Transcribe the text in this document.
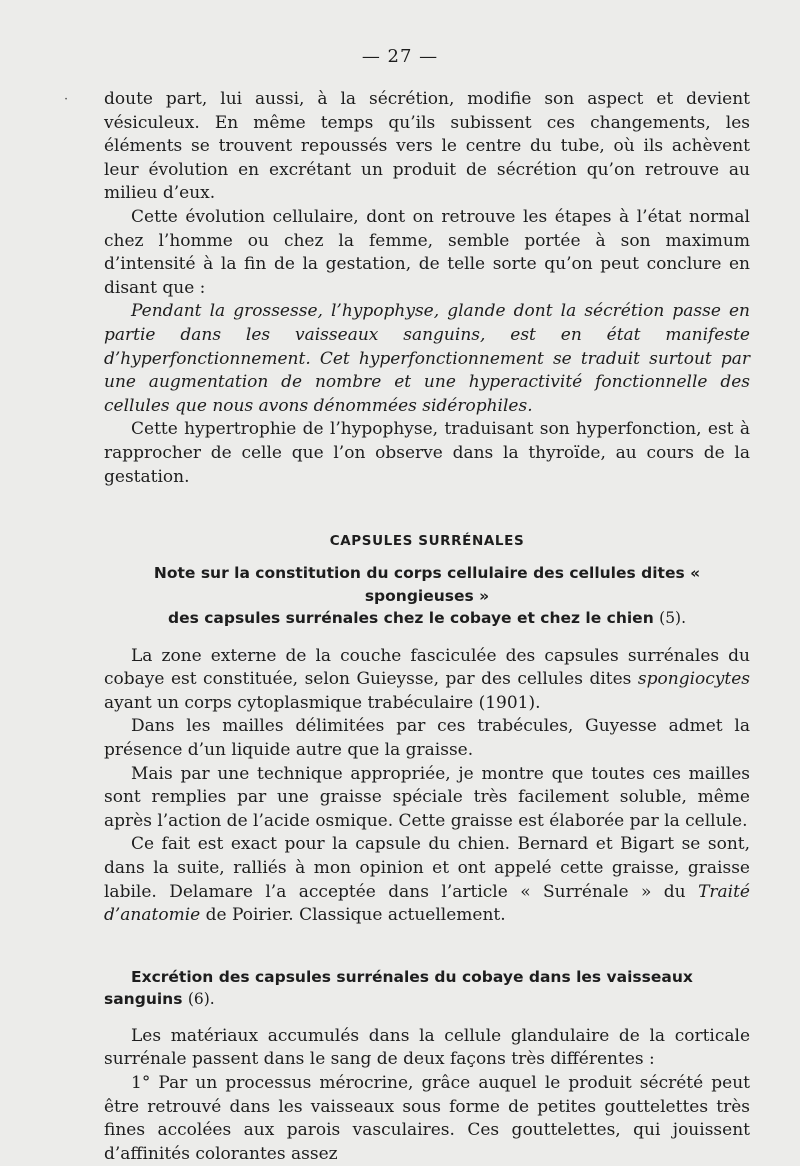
·
— 27 —

doute part, lui aussi, à la sécrétion, modifie son aspect et devient vésiculeux. En même temps qu’ils subissent ces changements, les éléments se trouvent repoussés vers le centre du tube, où ils achèvent leur évolution en excrétant un produit de sécrétion qu’on retrouve au milieu d’eux.

Cette évolution cellulaire, dont on retrouve les étapes à l’état normal chez l’homme ou chez la femme, semble portée à son maximum d’intensité à la fin de la gestation, de telle sorte qu’on peut conclure en disant que :

Pendant la grossesse, l’hypophyse, glande dont la sécrétion passe en partie dans les vaisseaux sanguins, est en état manifeste d’hyperfonctionnement. Cet hyperfonctionnement se traduit surtout par une augmentation de nombre et une hyperactivité fonctionnelle des cellules que nous avons dénommées sidérophiles.

Cette hypertrophie de l’hypophyse, traduisant son hyperfonction, est à rapprocher de celle que l’on observe dans la thyroïde, au cours de la gestation.

CAPSULES SURRÉNALES
Note sur la constitution du corps cellulaire des cellules dites « spongieuses »
des capsules surrénales chez le cobaye et chez le chien (5).

La zone externe de la couche fasciculée des capsules surrénales du cobaye est constituée, selon Guieysse, par des cellules dites spongiocytes ayant un corps cytoplasmique trabéculaire (1901).

Dans les mailles délimitées par ces trabécules, Guyesse admet la présence d’un liquide autre que la graisse.

Mais par une technique appropriée, je montre que toutes ces mailles sont remplies par une graisse spéciale très facilement soluble, même après l’action de l’acide osmique. Cette graisse est élaborée par la cellule.

Ce fait est exact pour la capsule du chien. Bernard et Bigart se sont, dans la suite, ralliés à mon opinion et ont appelé cette graisse, graisse labile. Delamare l’a acceptée dans l’article « Surrénale » du Traité d’anatomie de Poirier. Classique actuellement.

Excrétion des capsules surrénales du cobaye dans les vaisseaux sanguins (6).

Les matériaux accumulés dans la cellule glandulaire de la corticale surrénale passent dans le sang de deux façons très différentes :

1° Par un processus mérocrine, grâce auquel le produit sécrété peut être retrouvé dans les vaisseaux sous forme de petites gouttelettes très fines accolées aux parois vasculaires. Ces gouttelettes, qui jouissent d’affinités colorantes assez
